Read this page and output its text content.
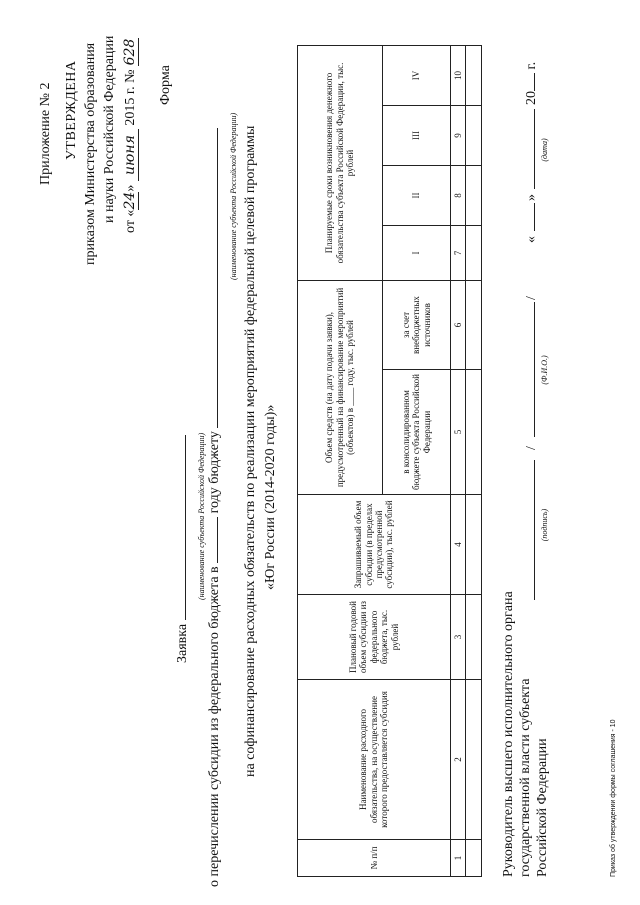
Приложение № 2 УТВЕРЖДЕНА приказом Министерства образования и науки Российской Федерации от «24» июня 2015 г. № 628
Форма
Заявка
(наименование субъекта Российской Федерации)
о перечислении субсидии из федерального бюджета в  году бюджету
(наименование субъекта Российской Федерации) на софинансирование расходных обязательств по реализации мероприятий федеральной целевой программы «Юг России (2014-2020 годы)»
№ п/п	Наименование расходного обязательства, на осуществление которого предоставляется субсидия	Плановый годовой объем субсидии из федерального бюджета, тыс. рублей	Запрашиваемый объем субсидии (в пределах предусмотренной субсидии), тыс. рублей	Объем средств (на дату подачи заявки), предусмотренный на финансирование мероприятий (объектов) в ____ году, тыс. рублей		Планируемые сроки возникновения денежного обязательства субъекта Российской Федерации, тыс. рублей				
				в консолидированном бюджете субъекта Российской Федерации	за счет внебюджетных источников	I	II	III	IV	
1	2	3	4	5	6	7	8	9	10	

Руководитель высшего исполнительного органа государственной власти субъекта Российской Федерации
/
/
(подпись)
(Ф.И.О.)
«
»
(дата)
20 г.
Приказ об утверждении формы соглашения - 10
